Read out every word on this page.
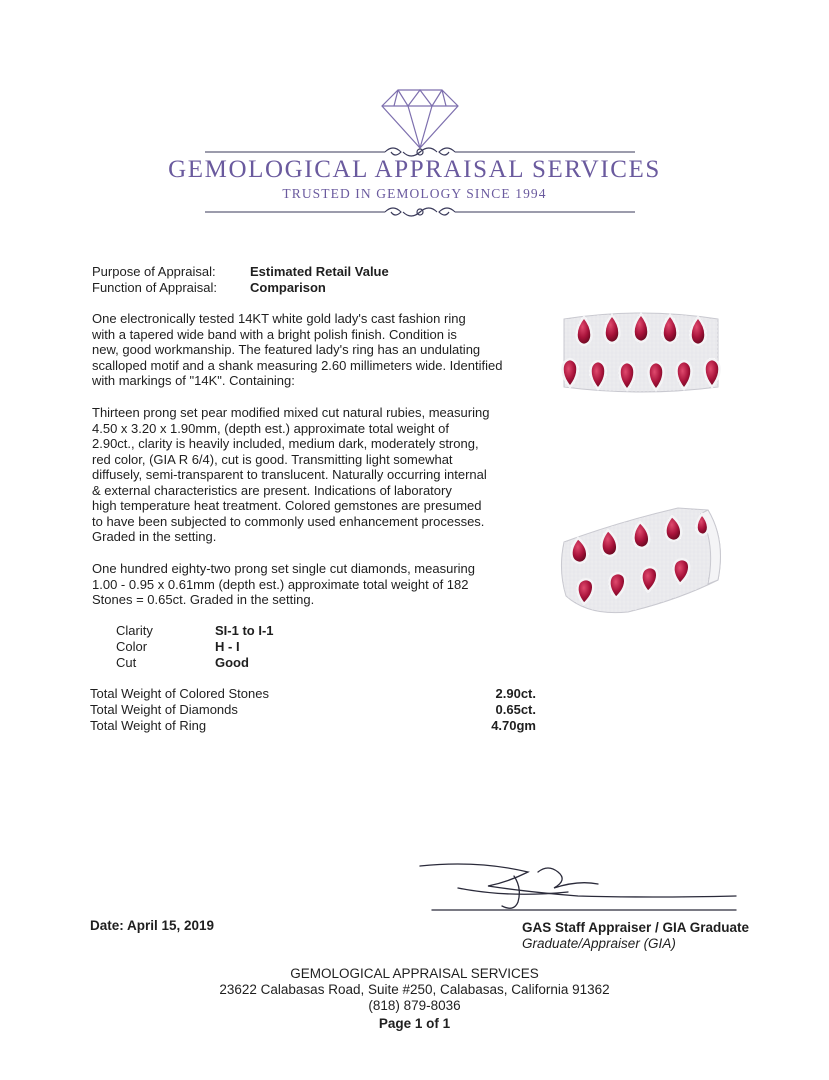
GEMOLOGICAL APPRAISAL SERVICES
TRUSTED IN GEMOLOGY SINCE 1994
Purpose of Appraisal:	Estimated Retail Value
Function of Appraisal:	Comparison
One electronically tested 14KT white gold lady's cast fashion ring
with a tapered wide band with a bright polish finish. Condition is
new, good workmanship. The featured lady's ring has an undulating
scalloped motif and a shank measuring 2.60 millimeters wide. Identified
with markings of "14K". Containing:
Thirteen prong set pear modified mixed cut natural rubies, measuring
4.50 x 3.20 x 1.90mm, (depth est.) approximate total weight of
2.90ct., clarity is heavily included, medium dark, moderately strong,
red color, (GIA R 6/4), cut is good. Transmitting light somewhat
diffusely, semi-transparent to translucent. Naturally occurring internal
& external characteristics are present. Indications of laboratory
high temperature heat treatment. Colored gemstones are presumed
to have been subjected to commonly used enhancement processes.
Graded in the setting.
One hundred eighty-two prong set single cut diamonds, measuring
1.00 - 0.95 x 0.61mm (depth est.) approximate total weight of 182
Stones = 0.65ct. Graded in the setting.
Clarity	SI-1 to I-1
Color	H - I
Cut	Good
Total Weight of Colored Stones	2.90ct.
Total Weight of Diamonds	0.65ct.
Total Weight of Ring	4.70gm
Date: April 15, 2019	GAS Staff Appraiser / GIA Graduate
Graduate/Appraiser (GIA)
GEMOLOGICAL APPRAISAL SERVICES
23622 Calabasas Road, Suite #250, Calabasas, California 91362
(818) 879-8036
Page 1 of 1
